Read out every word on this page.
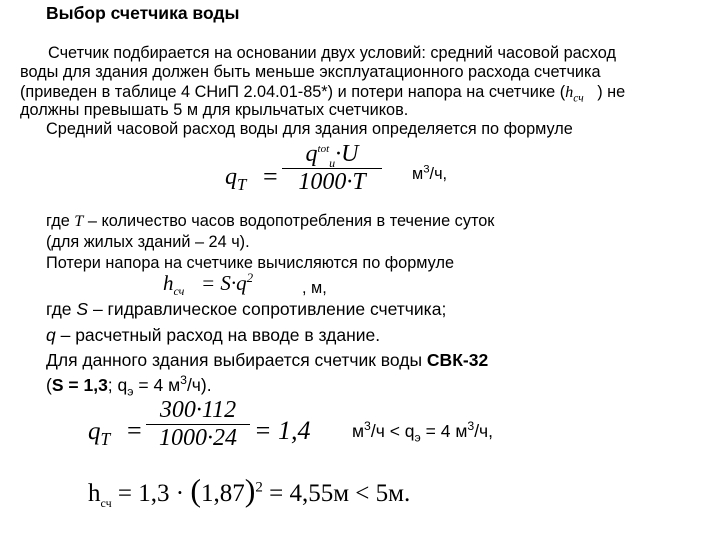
Выбор счетчика воды
Счетчик подбирается на основании двух условий: средний часовой расход
воды для здания должен быть меньше эксплуатационного расхода счетчика
(приведен в таблице 4 СНиП 2.04.01-85*) и потери напора на счетчике ($h_{сч}$ ) не
должны превышать 5 м для крыльчатых счетчиков.
Средний часовой расход воды для здания определяется по формуле
$q_T$ =
$q^{tot}_u\cdot U$
1000·T	$м^3/ч$,
где T – количество часов водопотребления в течение суток
(для жилых зданий – 24 ч).
Потери напора на счетчике вычисляются по формуле
$h_{сч} = S\cdot q^2$
, м,
где S – гидравлическое сопротивление счетчика;
q – расчетный расход на вводе в здание.
Для данного здания выбирается счетчик воды СВК-32
(S = 1,3; $q_э = 4$ $м^3/ч$).
$q_T$ =
300·112
1000·24 = 1,4 $м^3/ч < q_э = 4$ $м^3/ч$,
$h_{сч} = 1,3 \cdot (1,87)^2 = 4,55м < 5м$.
